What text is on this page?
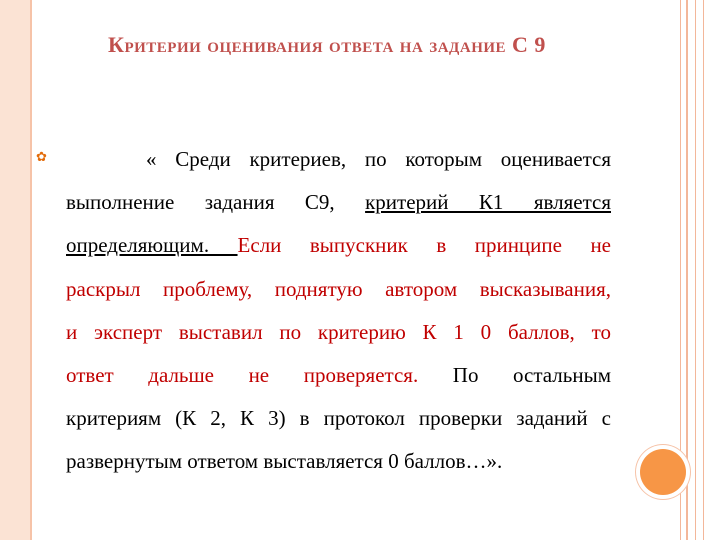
Критерии оценивания ответа на задание С 9
✿	« Среди критериев, по которым оценивается
выполнение задания С9, критерий К1 является
определяющим. Если выпускник в принципе не
раскрыл проблему, поднятую автором высказывания,
и эксперт выставил по критерию К 1 0 баллов, то
ответ дальше не проверяется. По остальным
критериям (К 2, К 3) в протокол проверки заданий с
развернутым ответом выставляется 0 баллов…».
